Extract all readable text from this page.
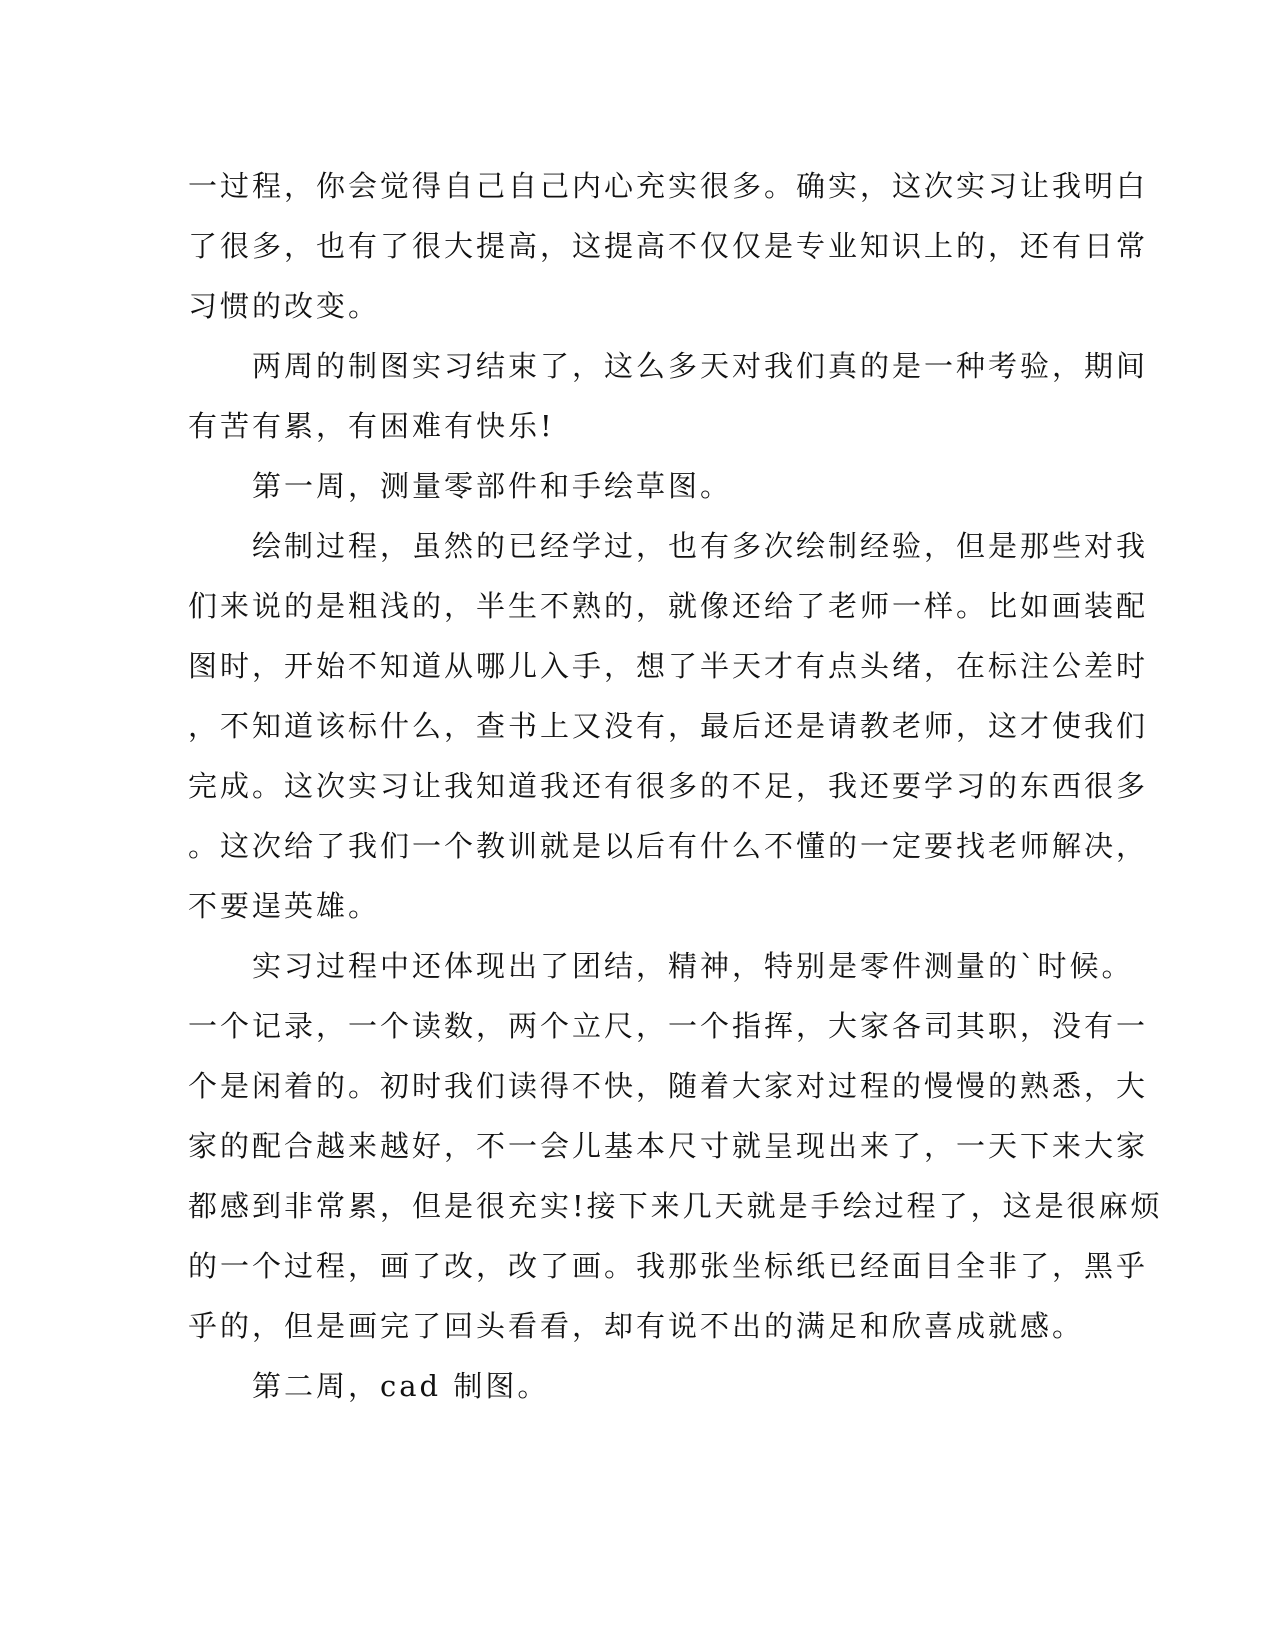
一过程，你会觉得自己自己内心充实很多。确实，这次实习让我明白
了很多，也有了很大提高，这提高不仅仅是专业知识上的，还有日常
习惯的改变。
　　两周的制图实习结束了，这么多天对我们真的是一种考验，期间
有苦有累，有困难有快乐!
　　第一周，测量零部件和手绘草图。
　　绘制过程，虽然的已经学过，也有多次绘制经验，但是那些对我
们来说的是粗浅的，半生不熟的，就像还给了老师一样。比如画装配
图时，开始不知道从哪儿入手，想了半天才有点头绪，在标注公差时
，不知道该标什么，查书上又没有，最后还是请教老师，这才使我们
完成。这次实习让我知道我还有很多的不足，我还要学习的东西很多
。这次给了我们一个教训就是以后有什么不懂的一定要找老师解决，
不要逞英雄。
　　实习过程中还体现出了团结，精神，特别是零件测量的`时候。
一个记录，一个读数，两个立尺，一个指挥，大家各司其职，没有一
个是闲着的。初时我们读得不快，随着大家对过程的慢慢的熟悉，大
家的配合越来越好，不一会儿基本尺寸就呈现出来了，一天下来大家
都感到非常累，但是很充实!接下来几天就是手绘过程了，这是很麻烦
的一个过程，画了改，改了画。我那张坐标纸已经面目全非了，黑乎
乎的，但是画完了回头看看，却有说不出的满足和欣喜成就感。
　　第二周，cad 制图。
